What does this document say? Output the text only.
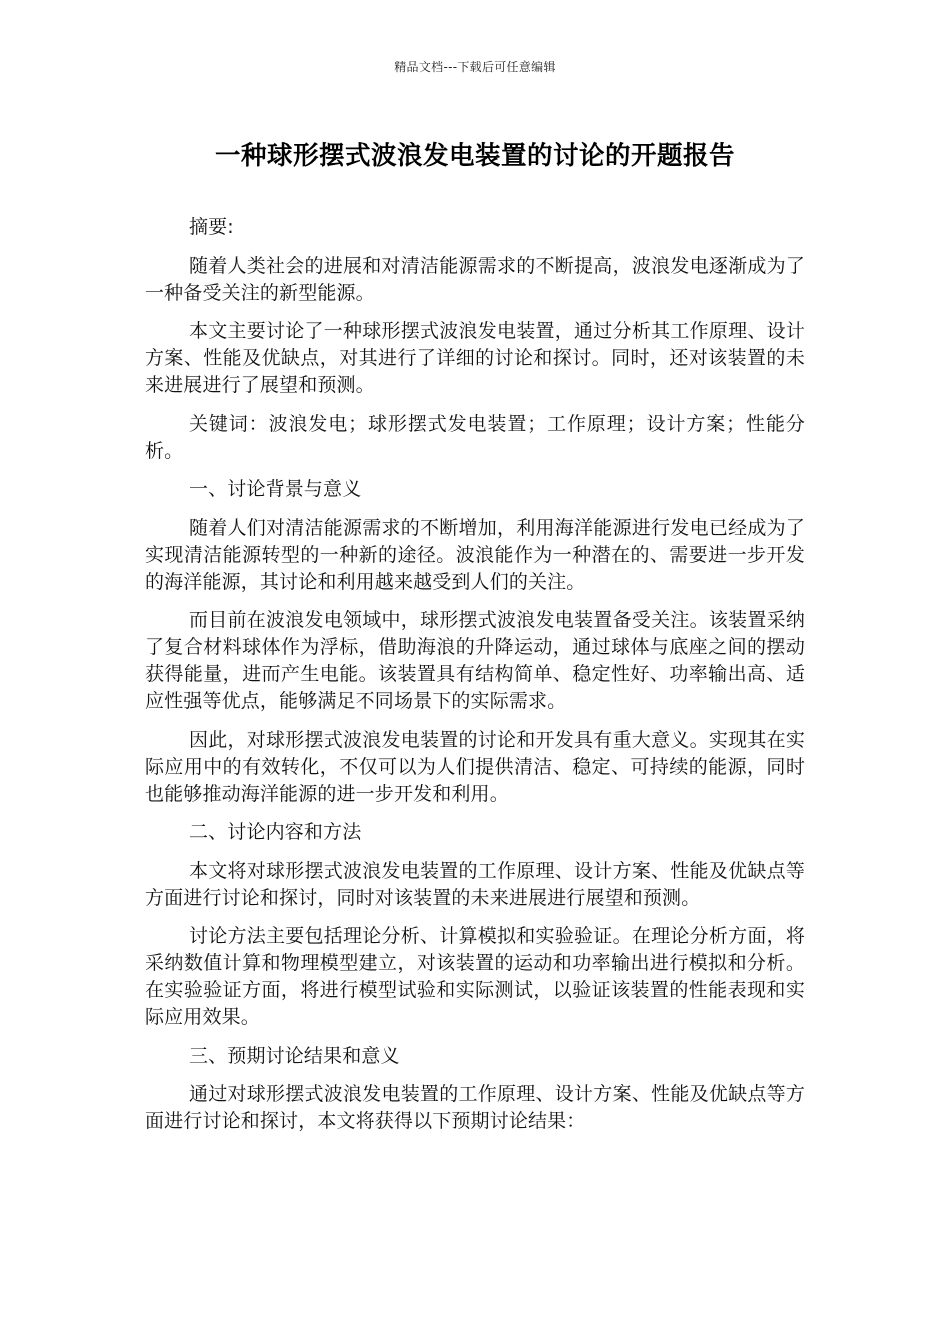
精品文档---下载后可任意编辑
一种球形摆式波浪发电装置的讨论的开题报告

摘要:

随着人类社会的进展和对清洁能源需求的不断提高，波浪发电逐渐成为了一种备受关注的新型能源。

本文主要讨论了一种球形摆式波浪发电装置，通过分析其工作原理、设计方案、性能及优缺点，对其进行了详细的讨论和探讨。同时，还对该装置的未来进展进行了展望和预测。

关键词：波浪发电；球形摆式发电装置；工作原理；设计方案；性能分析。

一、讨论背景与意义

随着人们对清洁能源需求的不断增加，利用海洋能源进行发电已经成为了实现清洁能源转型的一种新的途径。波浪能作为一种潜在的、需要进一步开发的海洋能源，其讨论和利用越来越受到人们的关注。

而目前在波浪发电领域中，球形摆式波浪发电装置备受关注。该装置采纳了复合材料球体作为浮标，借助海浪的升降运动，通过球体与底座之间的摆动获得能量，进而产生电能。该装置具有结构简单、稳定性好、功率输出高、适应性强等优点，能够满足不同场景下的实际需求。

因此，对球形摆式波浪发电装置的讨论和开发具有重大意义。实现其在实际应用中的有效转化，不仅可以为人们提供清洁、稳定、可持续的能源，同时也能够推动海洋能源的进一步开发和利用。

二、讨论内容和方法

本文将对球形摆式波浪发电装置的工作原理、设计方案、性能及优缺点等方面进行讨论和探讨，同时对该装置的未来进展进行展望和预测。

讨论方法主要包括理论分析、计算模拟和实验验证。在理论分析方面，将采纳数值计算和物理模型建立，对该装置的运动和功率输出进行模拟和分析。在实验验证方面，将进行模型试验和实际测试，以验证该装置的性能表现和实际应用效果。

三、预期讨论结果和意义

通过对球形摆式波浪发电装置的工作原理、设计方案、性能及优缺点等方面进行讨论和探讨，本文将获得以下预期讨论结果：
